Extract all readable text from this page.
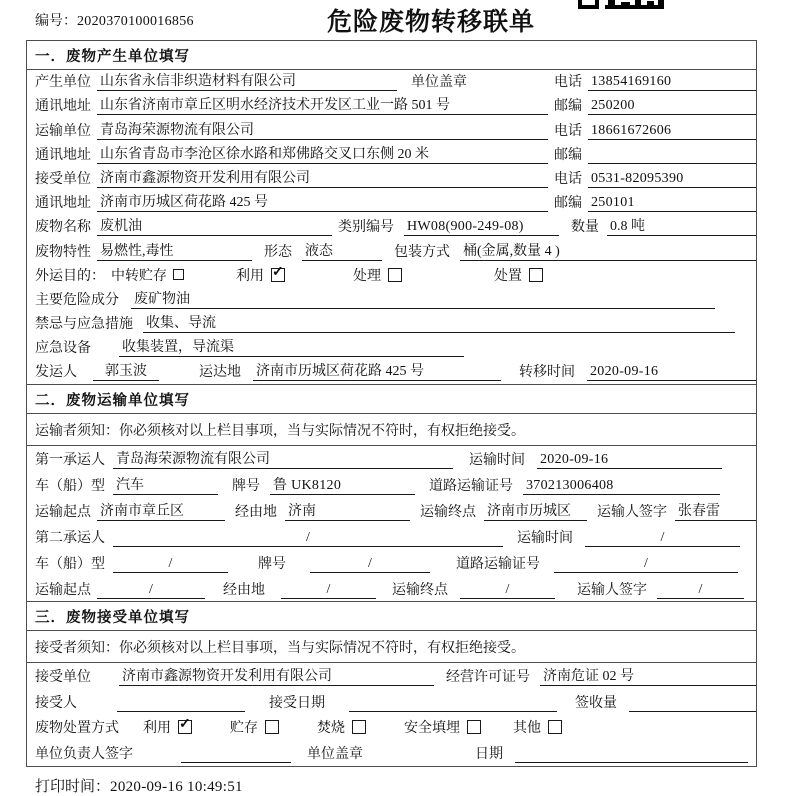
编号：2020370100016856	危险废物转移联单
一．废物产生单位填写
产生单位 山东省永信非织造材料有限公司	单位盖章	电话 13854169160
通讯地址 山东省济南市章丘区明水经济技术开发区工业一路 501 号	邮编 250200
运输单位 青岛海荣源物流有限公司	电话 18661672606
通讯地址 山东省青岛市李沧区徐水路和郑佛路交叉口东侧 20 米	邮编
接受单位 济南市鑫源物资开发利用有限公司	电话 0531-82095390
通讯地址 济南市历城区荷花路 425 号	邮编 250101
废物名称 废机油	类别编号 HW08(900-249-08)	数量 0.8 吨
废物特性 易燃性,毒性	形态 液态	包装方式 桶(金属,数量 4 )
外运目的： 中转贮存	利用 ✓	处理	处置
主要危险成分 废矿物油
禁忌与应急措施 收集、导流
应急设备 收集装置，导流渠
发运人	郭玉波	运达地 济南市历城区荷花路 425 号	转移时间 2020-09-16
二．废物运输单位填写
运输者须知：你必须核对以上栏目事项，当与实际情况不符时，有权拒绝接受。
第一承运人 青岛海荣源物流有限公司	运输时间 2020-09-16
车（船）型 汽车	牌号 鲁 UK8120	道路运输证号 370213006408
运输起点 济南市章丘区	经由地 济南	运输终点 济南市历城区	运输人签字 张春雷
第二承运人	/	运输时间	/
车（船）型	/	牌号	/	道路运输证号	/
运输起点	/	经由地	/	运输终点	/	运输人签字	/
三．废物接受单位填写
接受者须知：你必须核对以上栏目事项，当与实际情况不符时，有权拒绝接受。
接受单位	济南市鑫源物资开发利用有限公司	经营许可证号 济南危证 02 号
接受人	接受日期	签收量
废物处置方式 利用 ✓	贮存	焚烧	安全填埋	其他
单位负责人签字	单位盖章	日期
打印时间：2020-09-16 10:49:51
